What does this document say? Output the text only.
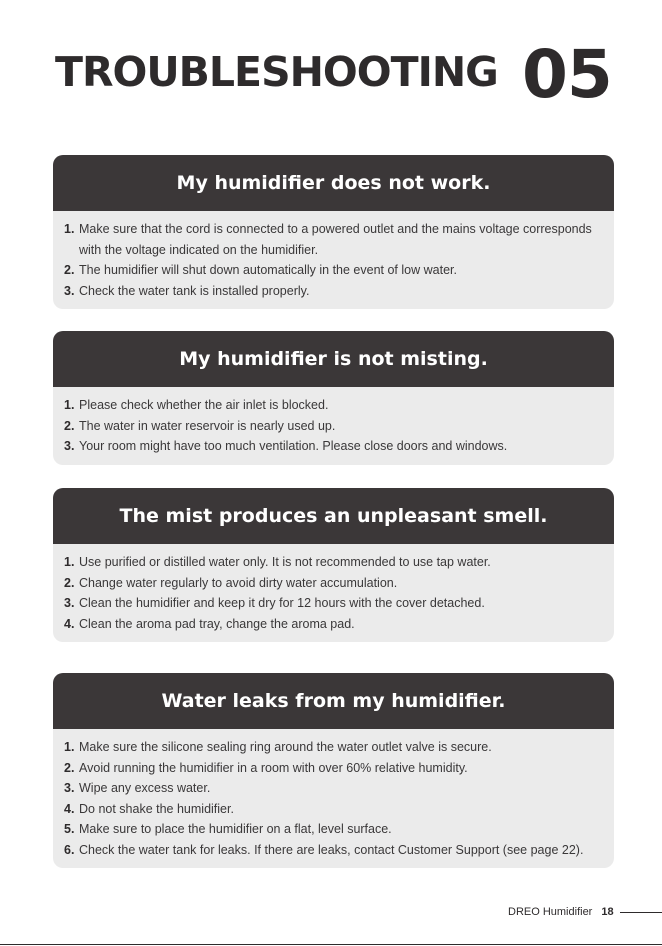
TROUBLESHOOTING 05
My humidifier does not work.
1. Make sure that the cord is connected to a powered outlet and the mains voltage corresponds with the voltage indicated on the humidifier.
2. The humidifier will shut down automatically in the event of low water.
3. Check the water tank is installed properly.
My humidifier is not misting.
1. Please check whether the air inlet is blocked.
2. The water in water reservoir is nearly used up.
3. Your room might have too much ventilation. Please close doors and windows.
The mist produces an unpleasant smell.
1. Use purified or distilled water only. It is not recommended to use tap water.
2. Change water regularly to avoid dirty water accumulation.
3. Clean the humidifier and keep it dry for 12 hours with the cover detached.
4. Clean the aroma pad tray, change the aroma pad.
Water leaks from my humidifier.
1. Make sure the silicone sealing ring around the water outlet valve is secure.
2. Avoid running the humidifier in a room with over 60% relative humidity.
3. Wipe any excess water.
4. Do not shake the humidifier.
5. Make sure to place the humidifier on a flat, level surface.
6. Check the water tank for leaks. If there are leaks, contact Customer Support (see page 22).
DREO Humidifier 18
